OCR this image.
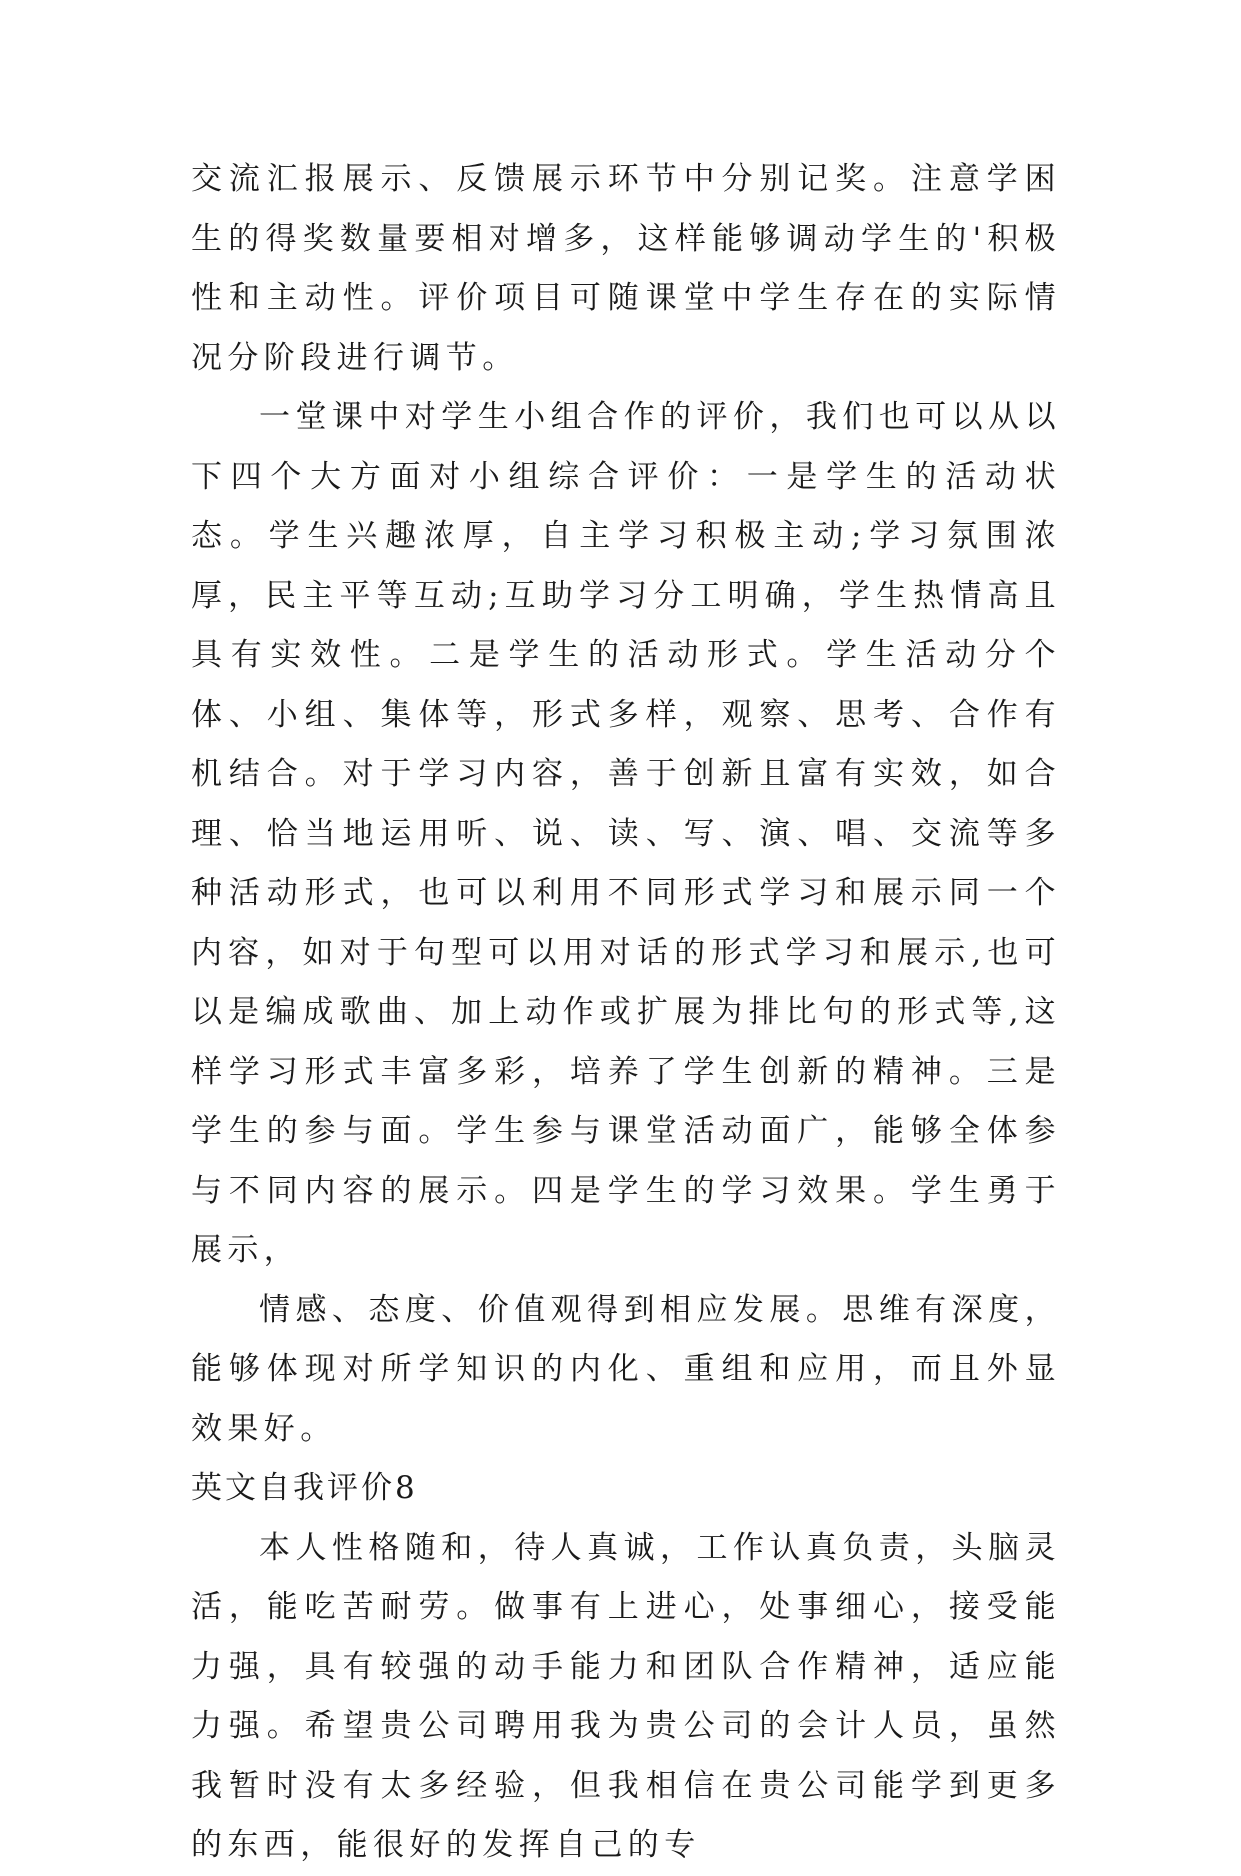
交流汇报展示、反馈展示环节中分别记奖。注意学困生的得奖数量要相对增多，这样能够调动学生的'积极性和主动性。评价项目可随课堂中学生存在的实际情况分阶段进行调节。

一堂课中对学生小组合作的评价，我们也可以从以下四个大方面对小组综合评价：一是学生的活动状态。学生兴趣浓厚，自主学习积极主动;学习氛围浓厚，民主平等互动;互助学习分工明确，学生热情高且具有实效性。二是学生的活动形式。学生活动分个体、小组、集体等，形式多样，观察、思考、合作有机结合。对于学习内容，善于创新且富有实效，如合理、恰当地运用听、说、读、写、演、唱、交流等多种活动形式，也可以利用不同形式学习和展示同一个内容，如对于句型可以用对话的形式学习和展示,也可以是编成歌曲、加上动作或扩展为排比句的形式等,这样学习形式丰富多彩，培养了学生创新的精神。三是学生的参与面。学生参与课堂活动面广，能够全体参与不同内容的展示。四是学生的学习效果。学生勇于展示，

情感、态度、价值观得到相应发展。思维有深度，能够体现对所学知识的内化、重组和应用，而且外显效果好。

英文自我评价8

本人性格随和，待人真诚，工作认真负责，头脑灵活，能吃苦耐劳。做事有上进心，处事细心，接受能力强，具有较强的动手能力和团队合作精神，适应能力强。希望贵公司聘用我为贵公司的会计人员，虽然我暂时没有太多经验，但我相信在贵公司能学到更多的东西，能很好的发挥自己的专
